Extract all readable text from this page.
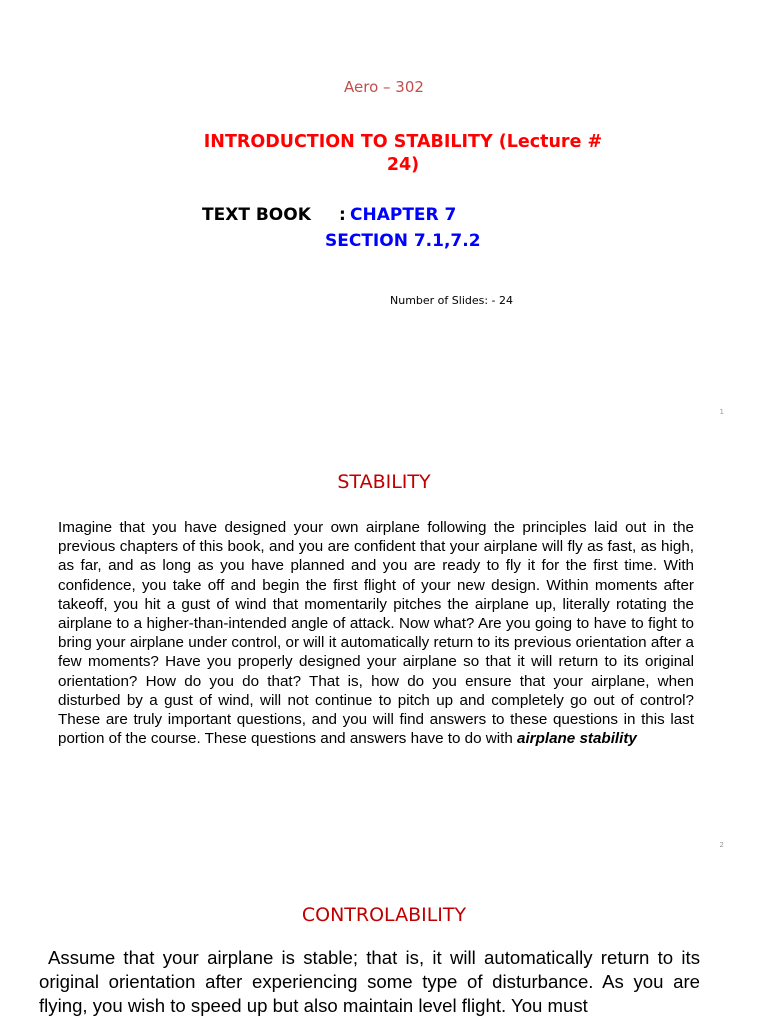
Aero – 302
INTRODUCTION TO STABILITY (Lecture # 24)
TEXT BOOK : CHAPTER 7
SECTION 7.1,7.2
Number of Slides: - 24
1
STABILITY
Imagine that you have designed your own airplane following the principles laid out in the previous chapters of this book, and you are confident that your airplane will fly as fast, as high, as far, and as long as you have planned and you are ready to fly it for the first time. With confidence, you take off and begin the first flight of your new design. Within moments after takeoff, you hit a gust of wind that momentarily pitches the airplane up, literally rotating the airplane to a higher-than-intended angle of attack. Now what? Are you going to have to fight to bring your airplane under control, or will it automatically return to its previous orientation after a few moments? Have you properly designed your airplane so that it will return to its original orientation? How do you do that? That is, how do you ensure that your airplane, when disturbed by a gust of wind, will not continue to pitch up and completely go out of control? These are truly important questions, and you will find answers to these questions in this last portion of the course. These questions and answers have to do with airplane stability
2
CONTROLABILITY
Assume that your airplane is stable; that is, it will automatically return to its original orientation after experiencing some type of disturbance. As you are flying, you wish to speed up but also maintain level flight. You must
